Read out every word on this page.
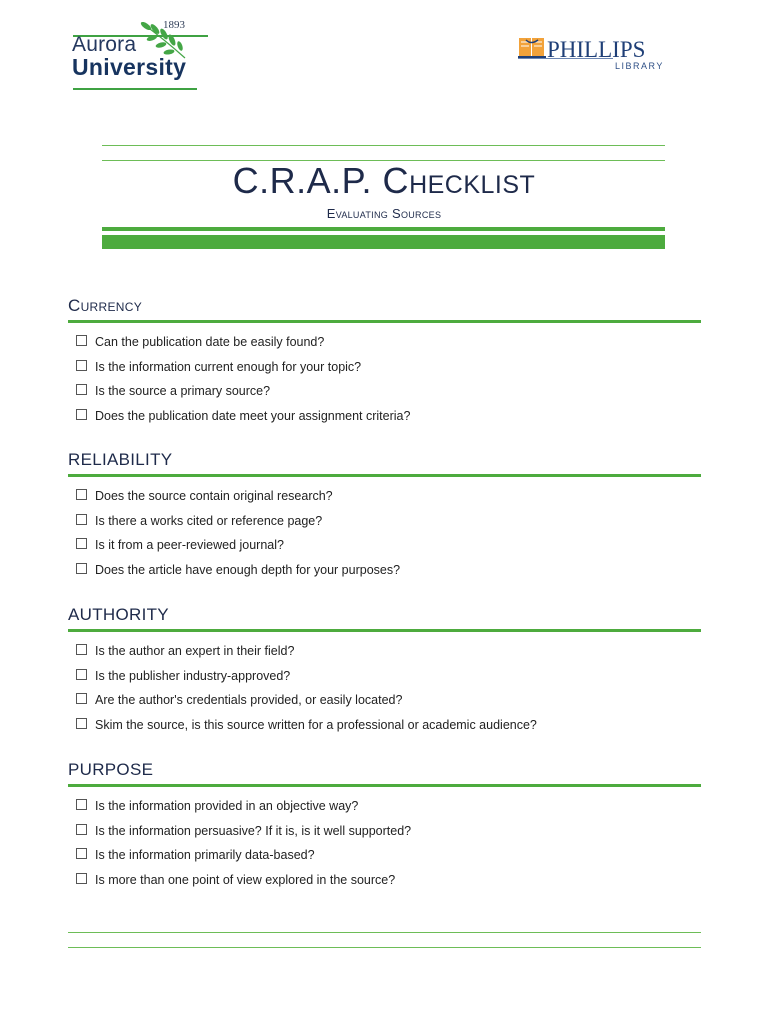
1893
Aurora
University
PHILLIPS
LIBRARY
C.R.A.P. Checklist
Evaluating Sources
Currency
Can the publication date be easily found?
Is the information current enough for your topic?
Is the source a primary source?
Does the publication date meet your assignment criteria?
RELIABILITY
Does the source contain original research?
Is there a works cited or reference page?
Is it from a peer-reviewed journal?
Does the article have enough depth for your purposes?
AUTHORITY
Is the author an expert in their field?
Is the publisher industry-approved?
Are the author's credentials provided, or easily located?
Skim the source, is this source written for a professional or academic audience?
PURPOSE
Is the information provided in an objective way?
Is the information persuasive? If it is, is it well supported?
Is the information primarily data-based?
Is more than one point of view explored in the source?
